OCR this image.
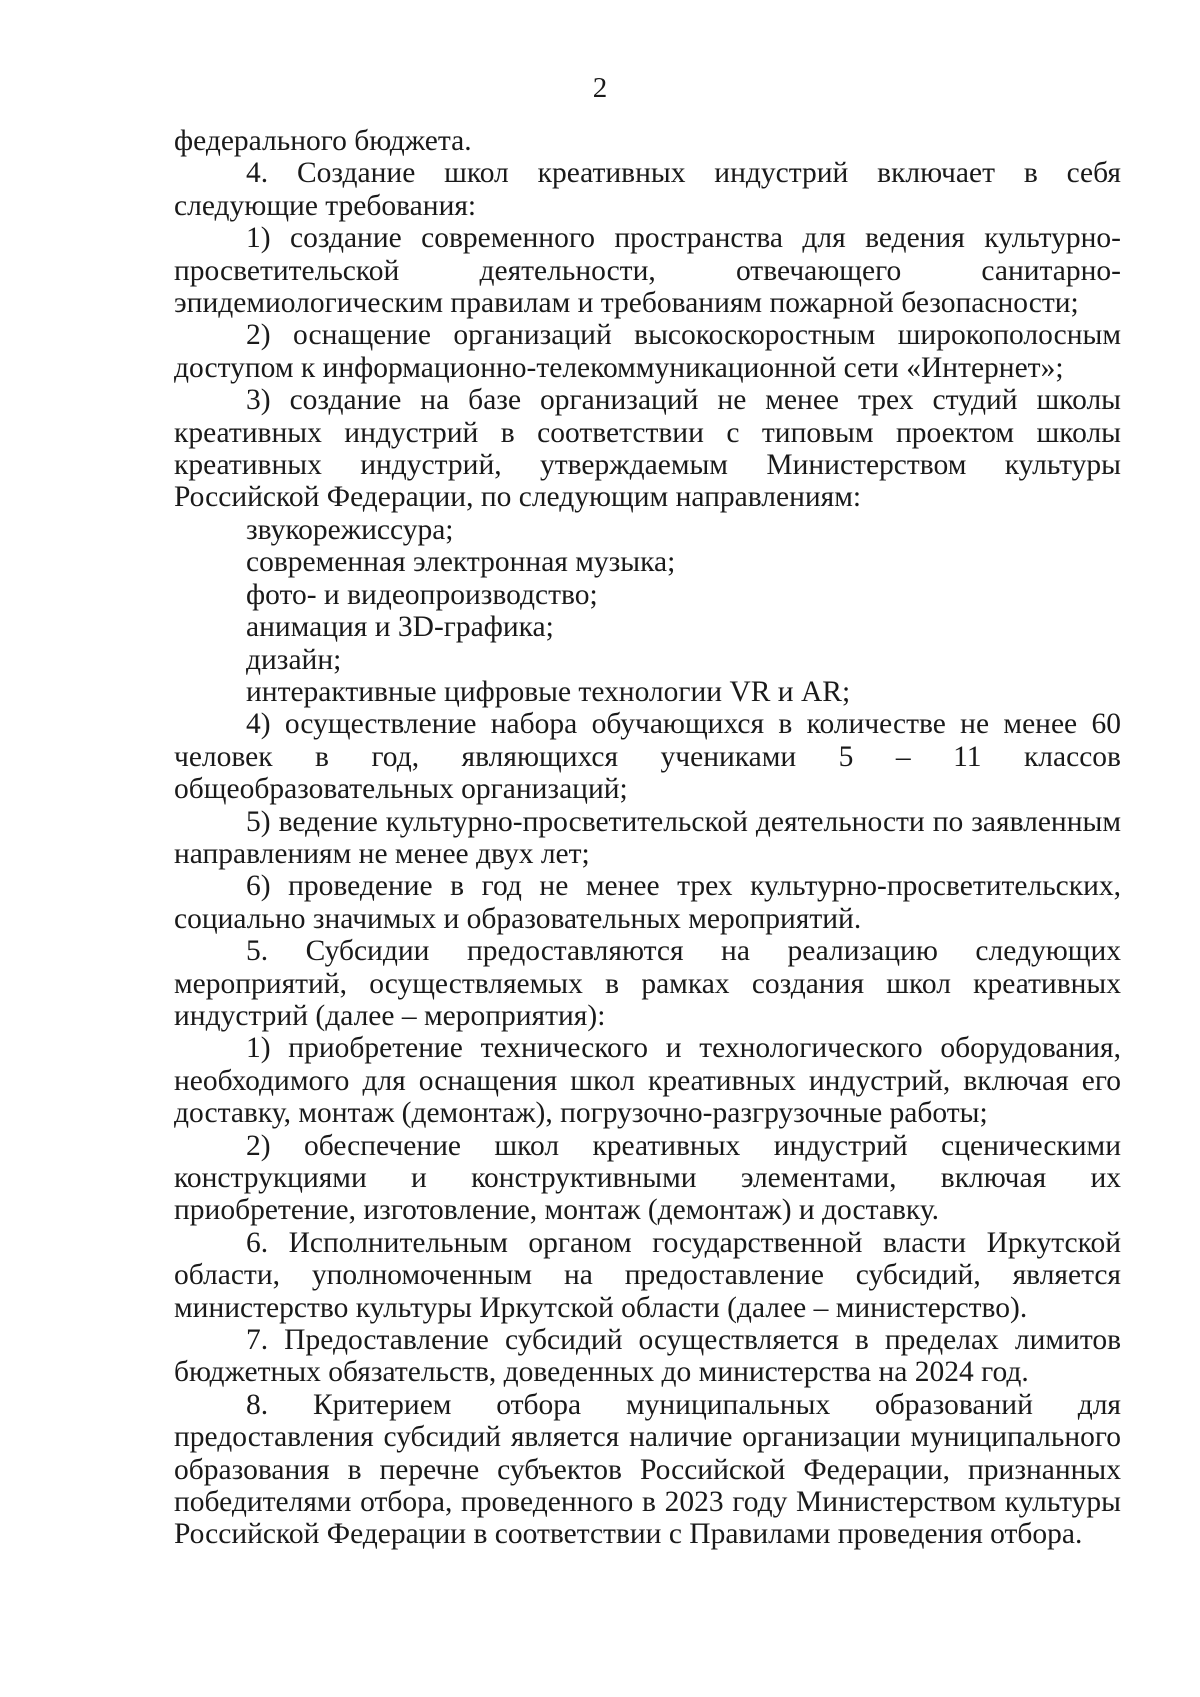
2

федерального бюджета.

4. Создание школ креативных индустрий включает в себя следующие требования:

1) создание современного пространства для ведения культурно-просветительской деятельности, отвечающего санитарно-эпидемиологическим правилам и требованиям пожарной безопасности;

2) оснащение организаций высокоскоростным широкополосным доступом к информационно-телекоммуникационной сети «Интернет»;

3) создание на базе организаций не менее трех студий школы креативных индустрий в соответствии с типовым проектом школы креативных индустрий, утверждаемым Министерством культуры Российской Федерации, по следующим направлениям:

звукорежиссура;

современная электронная музыка;

фото- и видеопроизводство;

анимация и 3D-графика;

дизайн;

интерактивные цифровые технологии VR и AR;

4) осуществление набора обучающихся в количестве не менее 60 человек в год, являющихся учениками 5 – 11 классов общеобразовательных организаций;

5) ведение культурно-просветительской деятельности по заявленным направлениям не менее двух лет;

6) проведение в год не менее трех культурно-просветительских, социально значимых и образовательных мероприятий.

5. Субсидии предоставляются на реализацию следующих мероприятий, осуществляемых в рамках создания школ креативных индустрий (далее – мероприятия):

1) приобретение технического и технологического оборудования, необходимого для оснащения школ креативных индустрий, включая его доставку, монтаж (демонтаж), погрузочно-разгрузочные работы;

2) обеспечение школ креативных индустрий сценическими конструкциями и конструктивными элементами, включая их приобретение, изготовление, монтаж (демонтаж) и доставку.

6. Исполнительным органом государственной власти Иркутской области, уполномоченным на предоставление субсидий, является министерство культуры Иркутской области (далее – министерство).

7. Предоставление субсидий осуществляется в пределах лимитов бюджетных обязательств, доведенных до министерства на 2024 год.

8. Критерием отбора муниципальных образований для предоставления субсидий является наличие организации муниципального образования в перечне субъектов Российской Федерации, признанных победителями отбора, проведенного в 2023 году Министерством культуры Российской Федерации в соответствии с Правилами проведения отбора.
